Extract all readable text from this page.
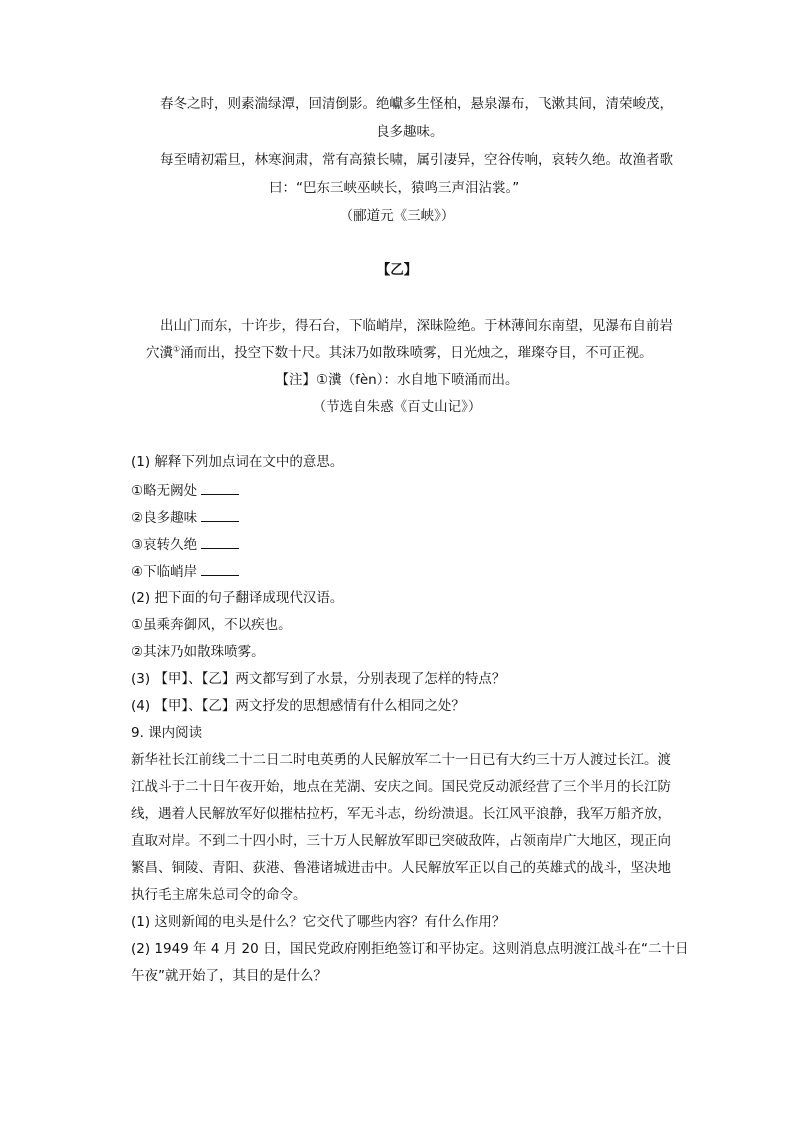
春冬之时，则素湍绿潭，回清倒影。绝巘多生怪柏，悬泉瀑布，飞漱其间，清荣峻茂，
良多趣味。
每至晴初霜旦，林寒涧肃，常有高猿长啸，属引凄异，空谷传响，哀转久绝。故渔者歌
曰：“巴东三峡巫峡长，猿鸣三声泪沾裳。”
（郦道元《三峡》）
【乙】
出山门而东，十许步，得石台，下临峭岸，深昧险绝。于林薄间东南望，见瀑布自前岩
穴瀵①涌而出，投空下数十尺。其沫乃如散珠喷雾，日光烛之，璀璨夺目，不可正视。
【注】①瀵（fèn）：水自地下喷涌而出。
（节选自朱惑《百丈山记》）
(1) 解释下列加点词在文中的意思。
①略无阙处
②良多趣味
③哀转久绝
④下临峭岸
(2) 把下面的句子翻译成现代汉语。
①虽乘奔御风，不以疾也。
②其沫乃如散珠喷雾。
(3) 【甲】、【乙】两文都写到了水景，分别表现了怎样的特点？
(4) 【甲】、【乙】两文抒发的思想感情有什么相同之处？
9. 课内阅读
新华社长江前线二十二日二时电英勇的人民解放军二十一日已有大约三十万人渡过长江。渡
江战斗于二十日午夜开始，地点在芜湖、安庆之间。国民党反动派经营了三个半月的长江防
线，遇着人民解放军好似摧枯拉朽，军无斗志，纷纷溃退。长江风平浪静，我军万船齐放，
直取对岸。不到二十四小时，三十万人民解放军即已突破敌阵，占领南岸广大地区，现正向
繁昌、铜陵、青阳、荻港、鲁港诸城进击中。人民解放军正以自己的英雄式的战斗，坚决地
执行毛主席朱总司令的命令。
(1) 这则新闻的电头是什么？它交代了哪些内容？有什么作用？
(2) 1949 年 4 月 20 日，国民党政府刚拒绝签订和平协定。这则消息点明渡江战斗在“二十日
午夜”就开始了，其目的是什么？
